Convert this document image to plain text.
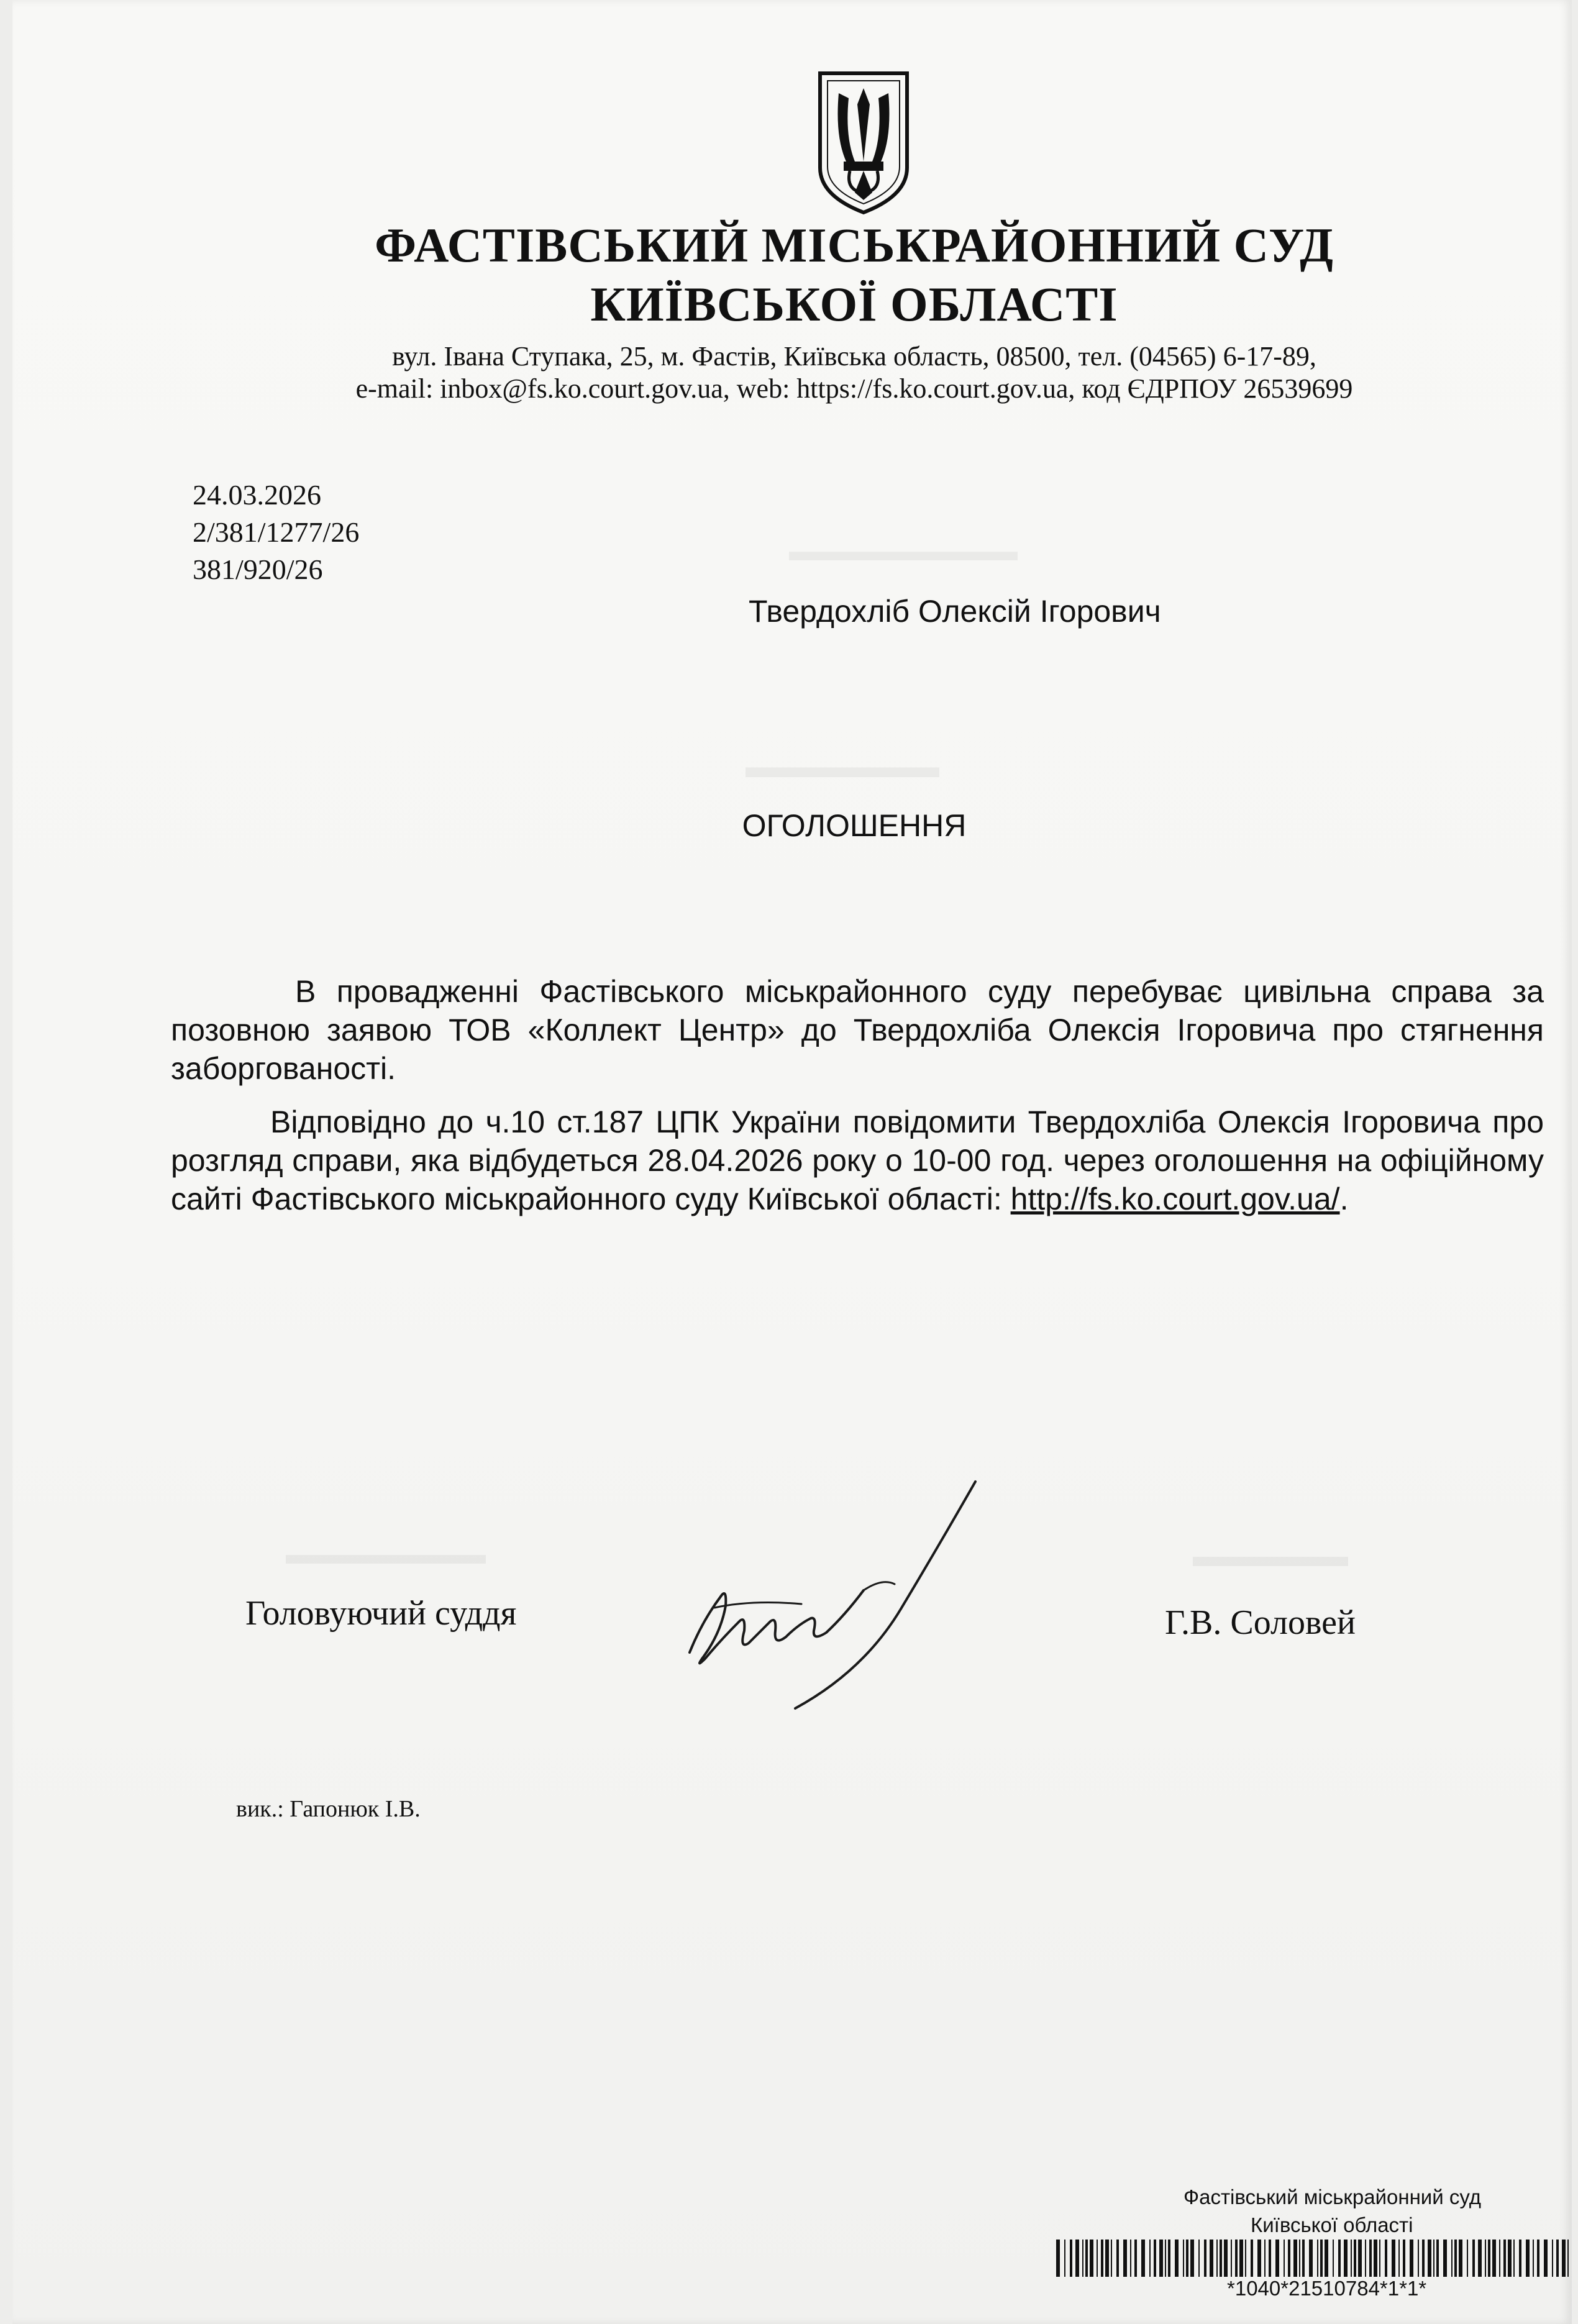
▬▬▬▬▬▬▬▬
▬▬▬▬▬▬
▬▬▬▬▬▬▬	▬▬▬▬▬
ФАСТІВСЬКИЙ МІСЬКРАЙОННИЙ СУД
КИЇВСЬКОЇ ОБЛАСТІ
вул. Івана Ступака, 25, м. Фастів, Київська область, 08500, тел. (04565) 6-17-89,
e-mail: inbox@fs.ko.court.gov.ua, web: https://fs.ko.court.gov.ua, код ЄДРПОУ 26539699
24.03.2026
2/381/1277/26
381/920/26
Твердохліб Олексій Ігорович
ОГОЛОШЕННЯ
В провадженні Фастівського міськрайонного суду перебуває цивільна справа за позовною заявою ТОВ «Коллект Центр» до Твердохліба Олексія Ігоровича про стягнення заборгованості.
Відповідно до ч.10 ст.187 ЦПК України повідомити Твердохліба Олексія Ігоровича про розгляд справи, яка відбудеться 28.04.2026 року о 10-00 год. через оголошення на офіційному сайті Фастівського міськрайонного суду Київської області: http://fs.ko.court.gov.ua/.
Головуючий суддя	Г.В. Соловей
вик.: Гапонюк І.В.
Фастівський міськрайонний суд
Київської області
*1040*21510784*1*1*
